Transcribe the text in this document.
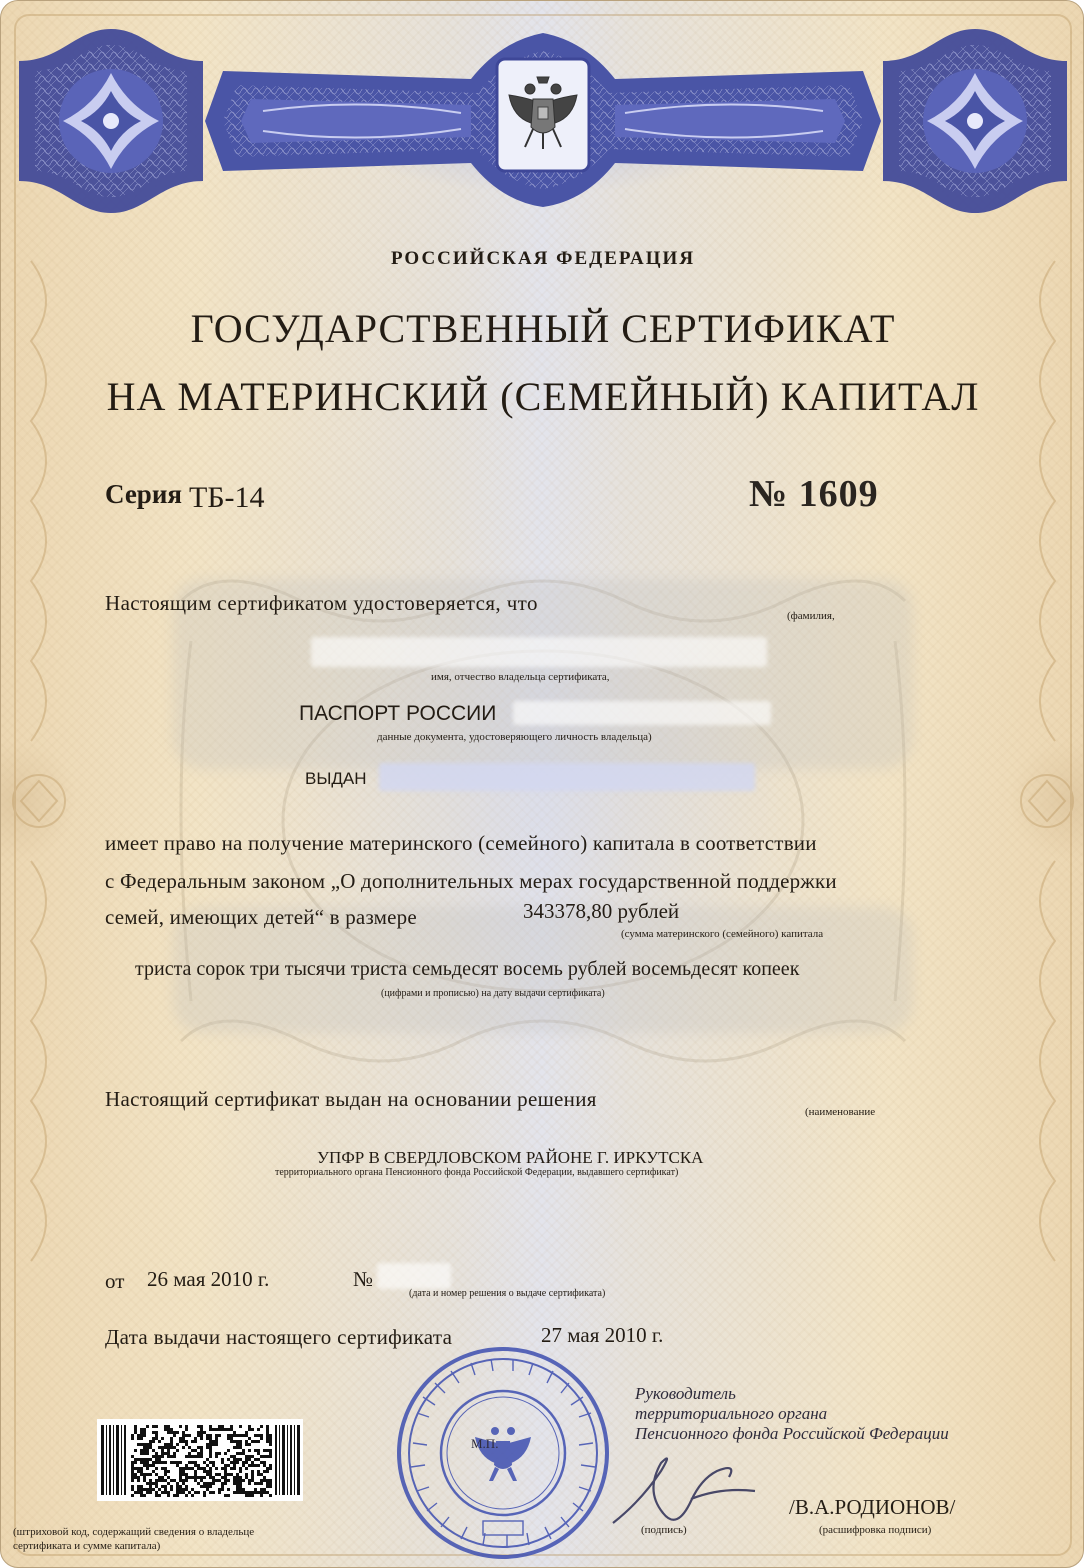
РОССИЙСКАЯ ФЕДЕРАЦИЯ
ГОСУДАРСТВЕННЫЙ СЕРТИФИКАТ
НА МАТЕРИНСКИЙ (СЕМЕЙНЫЙ) КАПИТАЛ
Серия ТБ-14	№ 1609
Настоящим сертификатом удостоверяется, что
(фамилия,
имя, отчество владельца сертификата,
ПАСПОРТ РОССИИ
данные документа, удостоверяющего личность владельца)
ВЫДАН
имеет право на получение материнского (семейного) капитала в соответствии
с Федеральным законом „О дополнительных мерах государственной поддержки
семей, имеющих детей“ в размере	343378,80 рублей
(сумма материнского (семейного) капитала
триста сорок три тысячи триста семьдесят восемь рублей восемьдесят копеек
(цифрами и прописью) на дату выдачи сертификата)
Настоящий сертификат выдан на основании решения
(наименование
УПФР В СВЕРДЛОВСКОМ РАЙОНЕ Г. ИРКУТСКА
территориального органа Пенсионного фонда Российской Федерации, выдавшего сертификат)
от 26 мая 2010 г.	№
(дата и номер решения о выдаче сертификата)
Дата выдачи настоящего сертификата	27 мая 2010 г.
Руководитель
территориального органа
Пенсионного фонда Российской Федерации
М.П.
/В.А.РОДИОНОВ/
(подпись)	(расшифровка подписи)
(штриховой код, содержащий сведения о владельце
сертификата и сумме капитала)
